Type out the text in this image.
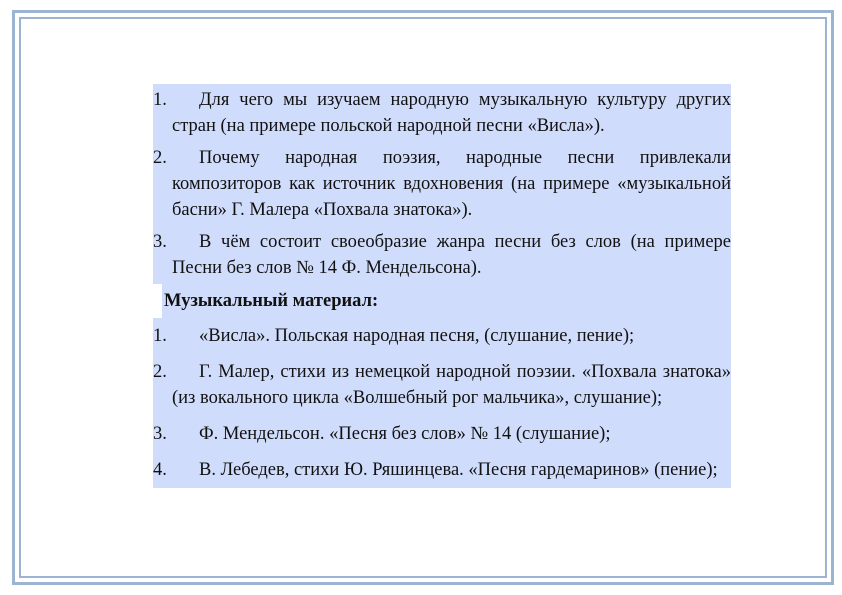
1. Для чего мы изучаем народную музыкальную культуру других стран (на примере польской народной песни «Висла»).
2. Почему народная поэзия, народные песни привлекали композиторов как источник вдохновения (на примере «музыкальной басни» Г. Малера «Похвала знатока»).
3. В чём состоит своеобразие жанра песни без слов (на примере Песни без слов № 14 Ф. Мендельсона).
Музыкальный материал:
1. «Висла». Польская народная песня, (слушание, пение);
2. Г. Малер, стихи из немецкой народной поэзии. «Похвала знатока» (из вокального цикла «Волшебный рог мальчика», слушание);
3. Ф. Мендельсон. «Песня без слов» № 14 (слушание);
4. В. Лебедев, стихи Ю. Ряшинцева. «Песня гардемаринов» (пение);
